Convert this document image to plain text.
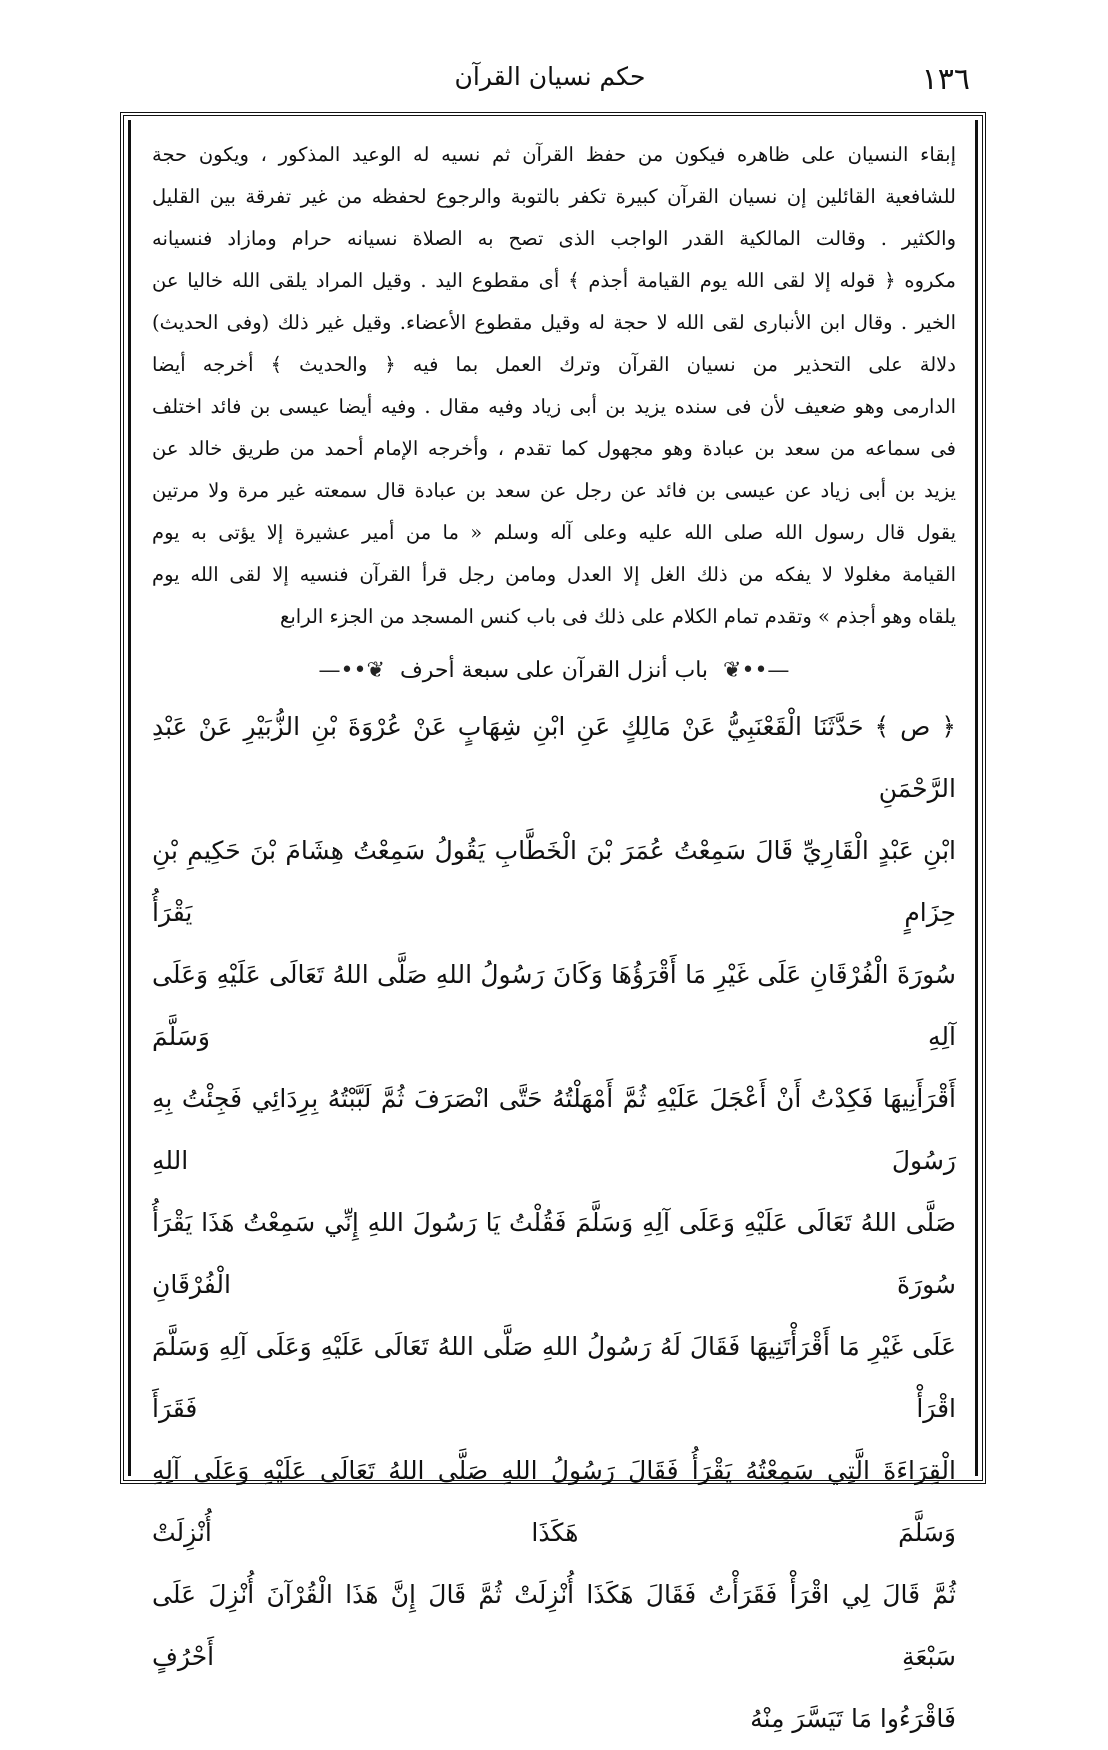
١٣٦
حكم نسيان القرآن

إبقاء النسيان على ظاهره فيكون من حفظ القرآن ثم نسيه له الوعيد المذكور ، ويكون حجة

للشافعية القائلين إن نسيان القرآن كبيرة تكفر بالتوبة والرجوع لحفظه من غير تفرقة بين القليل

والكثير . وقالت المالكية القدر الواجب الذى تصح به الصلاة نسيانه حرام ومازاد فنسيانه

مكروه ﴿ قوله إلا لقى الله يوم القيامة أجذم ﴾ أى مقطوع اليد . وقيل المراد يلقى الله خاليا عن

الخير . وقال ابن الأنبارى لقى الله لا حجة له وقيل مقطوع الأعضاء. وقيل غير ذلك (وفى الحديث)

دلالة على التحذير من نسيان القرآن وترك العمل بما فيه ﴿ والحديث ﴾ أخرجه أيضا

الدارمى وهو ضعيف لأن فى سنده يزيد بن أبى زياد وفيه مقال . وفيه أيضا عيسى بن فائد اختلف

فى سماعه من سعد بن عبادة وهو مجهول كما تقدم ، وأخرجه الإمام أحمد من طريق خالد عن

يزيد بن أبى زياد عن عيسى بن فائد عن رجل عن سعد بن عبادة قال سمعته غير مرة ولا مرتين

يقول قال رسول الله صلى الله عليه وعلى آله وسلم « ما من أمير عشيرة إلا يؤتى به يوم

القيامة مغلولا لا يفكه من ذلك الغل إلا العدل ومامن رجل قرأ القرآن فنسيه إلا لقى الله يوم

يلقاه وهو أجذم » وتقدم تمام الكلام على ذلك فى باب كنس المسجد من الجزء الرابع

—••❦ باب أنزل القرآن على سبعة أحرف ❦••—

﴿ ص ﴾ حَدَّثَنَا الْقَعْنَبِيُّ عَنْ مَالِكٍ عَنِ ابْنِ شِهَابٍ عَنْ عُرْوَةَ بْنِ الزُّبَيْرِ عَنْ عَبْدِ الرَّحْمَنِ

ابْنِ عَبْدٍ الْقَارِيِّ قَالَ سَمِعْتُ عُمَرَ بْنَ الْخَطَّابِ يَقُولُ سَمِعْتُ هِشَامَ بْنَ حَكِيمِ بْنِ حِزَامٍ يَقْرَأُ

سُورَةَ الْفُرْقَانِ عَلَى غَيْرِ مَا أَقْرَؤُهَا وَكَانَ رَسُولُ اللهِ صَلَّى اللهُ تَعَالَى عَلَيْهِ وَعَلَى آلِهِ وَسَلَّمَ

أَقْرَأَنِيهَا فَكِدْتُ أَنْ أَعْجَلَ عَلَيْهِ ثُمَّ أَمْهَلْتُهُ حَتَّى انْصَرَفَ ثُمَّ لَبَّبْتُهُ بِرِدَائِي فَجِئْتُ بِهِ رَسُولَ اللهِ

صَلَّى اللهُ تَعَالَى عَلَيْهِ وَعَلَى آلِهِ وَسَلَّمَ فَقُلْتُ يَا رَسُولَ اللهِ إِنِّي سَمِعْتُ هَذَا يَقْرَأُ سُورَةَ الْفُرْقَانِ

عَلَى غَيْرِ مَا أَقْرَأْتَنِيهَا فَقَالَ لَهُ رَسُولُ اللهِ صَلَّى اللهُ تَعَالَى عَلَيْهِ وَعَلَى آلِهِ وَسَلَّمَ اقْرَأْ فَقَرَأَ

الْقِرَاءَةَ الَّتِي سَمِعْتُهُ يَقْرَأُ فَقَالَ رَسُولُ اللهِ صَلَّى اللهُ تَعَالَى عَلَيْهِ وَعَلَى آلِهِ وَسَلَّمَ هَكَذَا أُنْزِلَتْ

ثُمَّ قَالَ لِي اقْرَأْ فَقَرَأْتُ فَقَالَ هَكَذَا أُنْزِلَتْ ثُمَّ قَالَ إِنَّ هَذَا الْقُرْآنَ أُنْزِلَ عَلَى سَبْعَةِ أَحْرُفٍ

فَاقْرَءُوا مَا تَيَسَّرَ مِنْهُ
